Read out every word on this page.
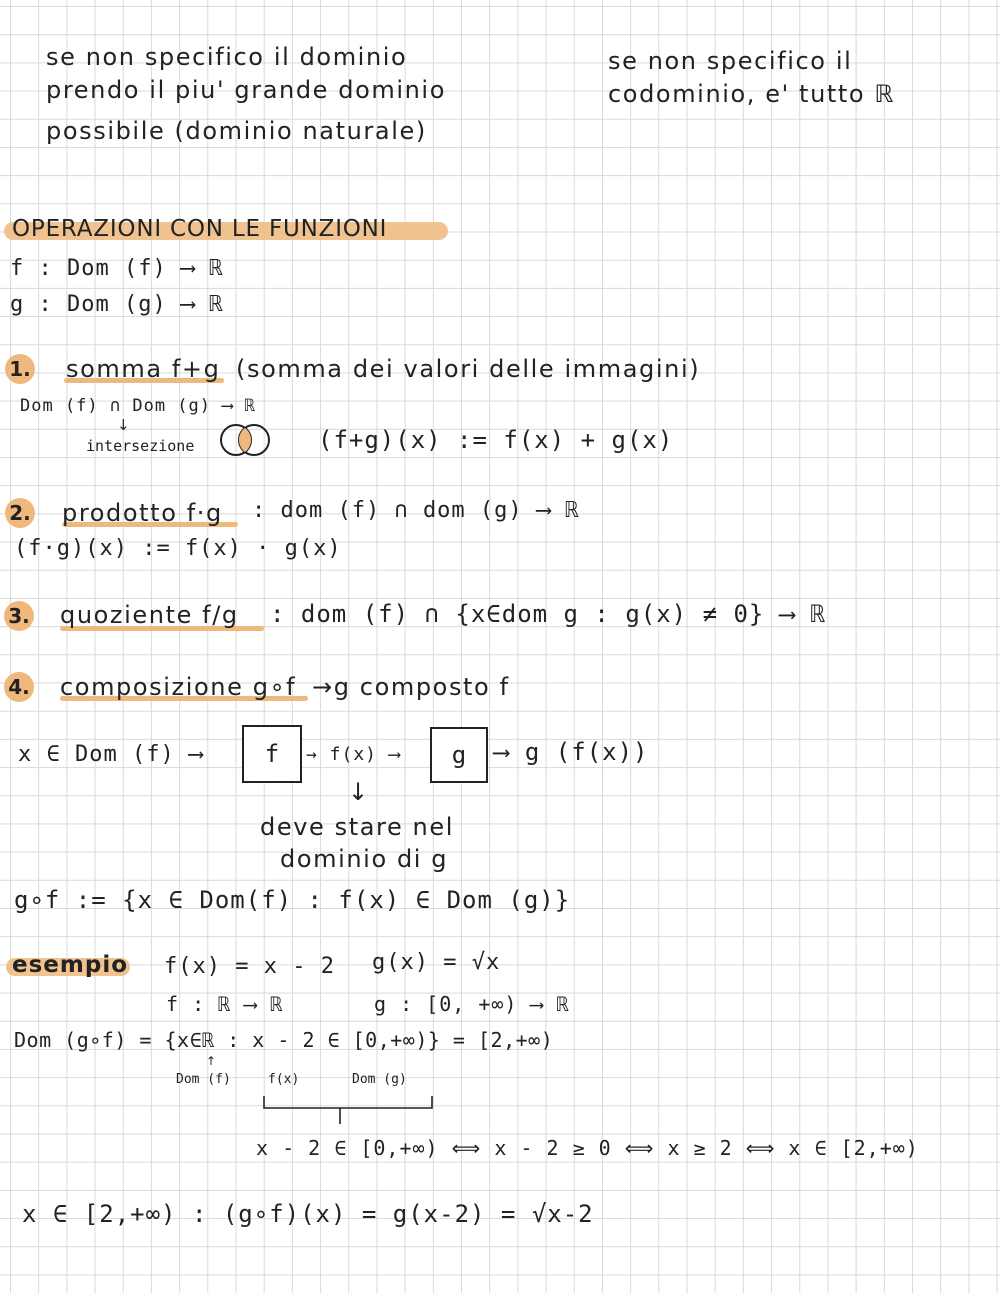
se non specifico il dominio
prendo il piu' grande dominio
possibile (dominio naturale)
se non specifico il
codominio, e' tutto ℝ
OPERAZIONI CON LE FUNZIONI
f : Dom (f) ⟶ ℝ
g : Dom (g) ⟶ ℝ
1. somma f+g (somma dei valori delle immagini)
Dom (f) ∩ Dom (g) ⟶ ℝ
↓
intersezione	(f+g)(x) := f(x) + g(x)
2. prodotto f·g : dom (f) ∩ dom (g) ⟶ ℝ
(f·g)(x) := f(x) · g(x)
3. quoziente f/g : dom (f) ∩ {x∈dom g : g(x) ≠ 0} ⟶ ℝ
4. composizione g∘f →g composto f
x ∈ Dom (f) ⟶	f	→ f(x) ⟶	g	⟶ g (f(x))
↓
deve stare nel
dominio di g
g∘f := {x ∈ Dom(f) : f(x) ∈ Dom (g)}
esempio f(x) = x - 2 g(x) = √x
f : ℝ ⟶ ℝ	g : [0, +∞) ⟶ ℝ
Dom (g∘f) = {x∈ℝ : x - 2 ∈ [0,+∞)} = [2,+∞)
↑
Dom (f)	f(x)	Dom (g)
x - 2 ∈ [0,+∞) ⟺ x - 2 ≥ 0 ⟺ x ≥ 2 ⟺ x ∈ [2,+∞)
x ∈ [2,+∞) : (g∘f)(x) = g(x-2) = √x-2
